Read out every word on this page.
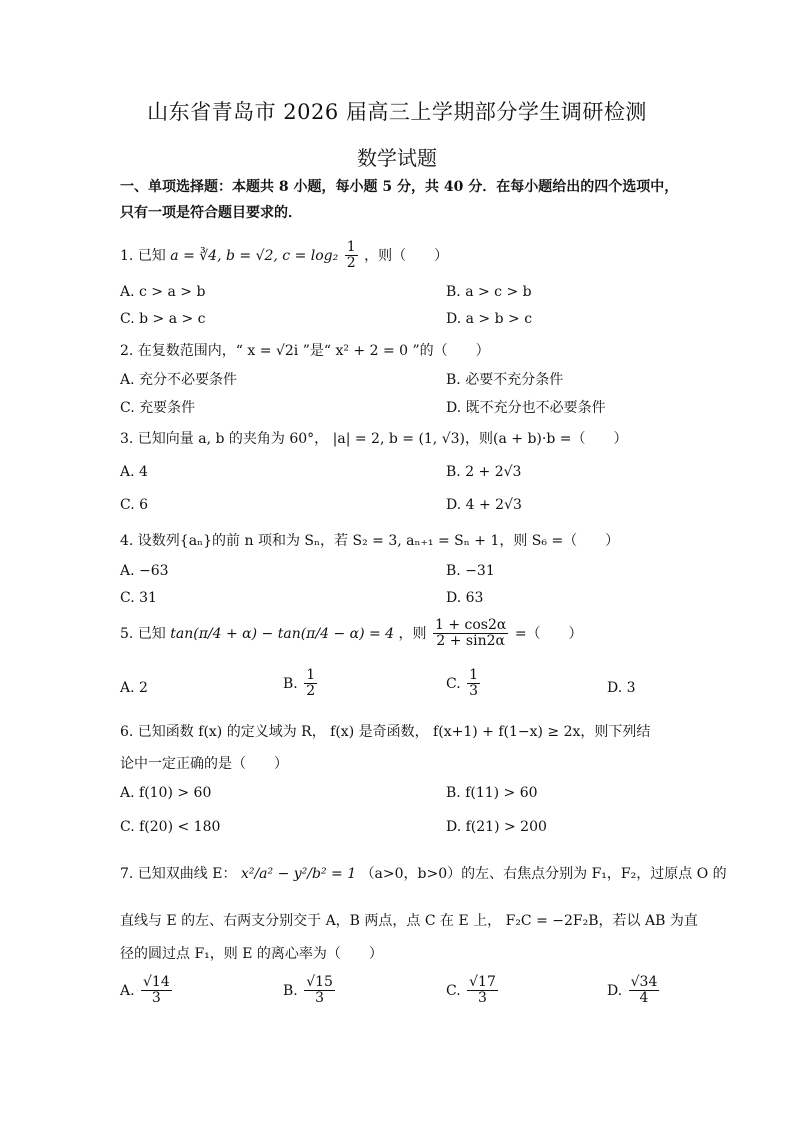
山东省青岛市 2026 届高三上学期部分学生调研检测
数学试题
一、单项选择题：本题共 8 小题，每小题 5 分，共 40 分．在每小题给出的四个选项中，只有一项是符合题目要求的．
1. 已知 a = ∛4, b = √2, $c = \log_2 \frac{1}{2}$ ，则（　　）
A. c > a > b	B. a > c > b
C. b > a > c	D. a > b > c
2. 在复数范围内，“ x = √2i ”是“ x² + 2 = 0 ”的（　　）
A. 充分不必要条件	B. 必要不充分条件
C. 充要条件	D. 既不充分也不必要条件
3. 已知向量 a, b 的夹角为 60°， |a| = 2, b = (1, √3)，则(a + b)·b =（　　）
A. 4	B. 2 + 2√3
C. 6	D. 4 + 2√3
4. 设数列{aₙ}的前 n 项和为 Sₙ，若 S₂ = 3, aₙ₊₁ = Sₙ + 1，则 S₆ =（　　）
A. −63	B. −31
C. 31	D. 63
5. 已知 tan(π/4 + α) − tan(π/4 − α) = 4 ，则 $\frac{1 + \cos 2\alpha}{2 + \sin 2\alpha}$ =（　　）
A. 2	B. $\frac{1}{2}$	C. $\frac{1}{3}$	D. 3
6. 已知函数 f(x) 的定义域为 R， f(x) 是奇函数， f(x+1) + f(1−x) ≥ 2x，则下列结
论中一定正确的是（　　）
A. f(10) > 60	B. f(11) > 60
C. f(20) < 180	D. f(21) > 200
7. 已知双曲线 E： x²/a² − y²/b² = 1 （a>0，b>0）的左、右焦点分别为 F₁，F₂，过原点 O 的
直线与 E 的左、右两支分别交于 A，B 两点，点 C 在 E 上， F₂C = −2F₂B，若以 AB 为直
径的圆过点 F₁，则 E 的离心率为（　　）
A. $\frac{√14}{3}$	B. $\frac{√15}{3}$	C. $\frac{√17}{3}$	D. $\frac{√34}{4}$
